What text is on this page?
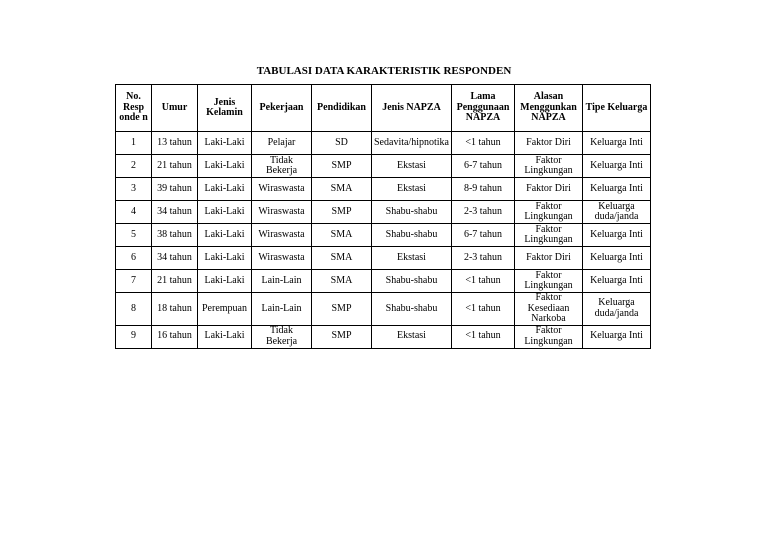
TABULASI DATA KARAKTERISTIK RESPONDEN
No. Resp onde n	Umur	Jenis Kelamin	Pekerjaan	Pendidikan	Jenis NAPZA	Lama Penggunaan NAPZA	Alasan Menggunkan NAPZA	Tipe Keluarga
1	13 tahun	Laki-Laki	Pelajar	SD	Sedavita/hipnotika	<1 tahun	Faktor Diri	Keluarga Inti
2	21 tahun	Laki-Laki	Tidak Bekerja	SMP	Ekstasi	6-7 tahun	Faktor Lingkungan	Keluarga Inti
3	39 tahun	Laki-Laki	Wiraswasta	SMA	Ekstasi	8-9 tahun	Faktor Diri	Keluarga Inti
4	34 tahun	Laki-Laki	Wiraswasta	SMP	Shabu-shabu	2-3 tahun	Faktor Lingkungan	Keluarga duda/janda
5	38 tahun	Laki-Laki	Wiraswasta	SMA	Shabu-shabu	6-7 tahun	Faktor Lingkungan	Keluarga Inti
6	34 tahun	Laki-Laki	Wiraswasta	SMA	Ekstasi	2-3 tahun	Faktor Diri	Keluarga Inti
7	21 tahun	Laki-Laki	Lain-Lain	SMA	Shabu-shabu	<1 tahun	Faktor Lingkungan	Keluarga Inti
8	18 tahun	Perempuan	Lain-Lain	SMP	Shabu-shabu	<1 tahun	Faktor Kesediaan Narkoba	Keluarga duda/janda
9	16 tahun	Laki-Laki	Tidak Bekerja	SMP	Ekstasi	<1 tahun	Faktor Lingkungan	Keluarga Inti
